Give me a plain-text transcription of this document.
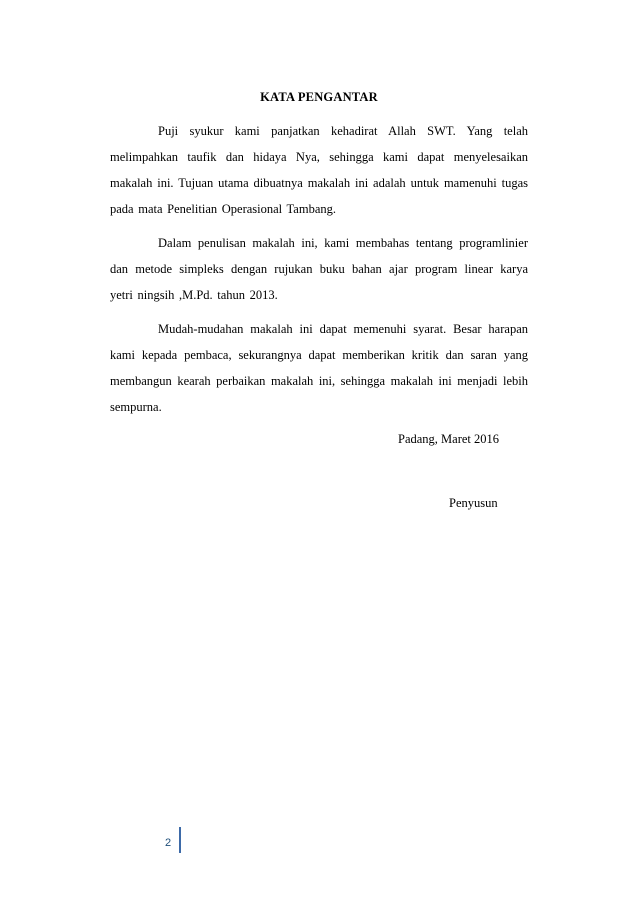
KATA PENGANTAR

Puji syukur kami panjatkan kehadirat Allah SWT. Yang telah melimpahkan taufik dan hidaya Nya, sehingga kami dapat menyelesaikan makalah ini. Tujuan utama dibuatnya makalah ini adalah untuk mamenuhi tugas pada mata Penelitian Operasional Tambang.

Dalam penulisan makalah ini, kami membahas tentang programlinier dan metode simpleks dengan rujukan buku bahan ajar program linear karya yetri ningsih ,M.Pd. tahun 2013.

Mudah-mudahan makalah ini dapat memenuhi syarat. Besar harapan kami kepada pembaca, sekurangnya dapat memberikan kritik dan saran yang membangun kearah perbaikan makalah ini, sehingga makalah ini menjadi lebih sempurna.

Padang, Maret 2016
Penyusun
2
